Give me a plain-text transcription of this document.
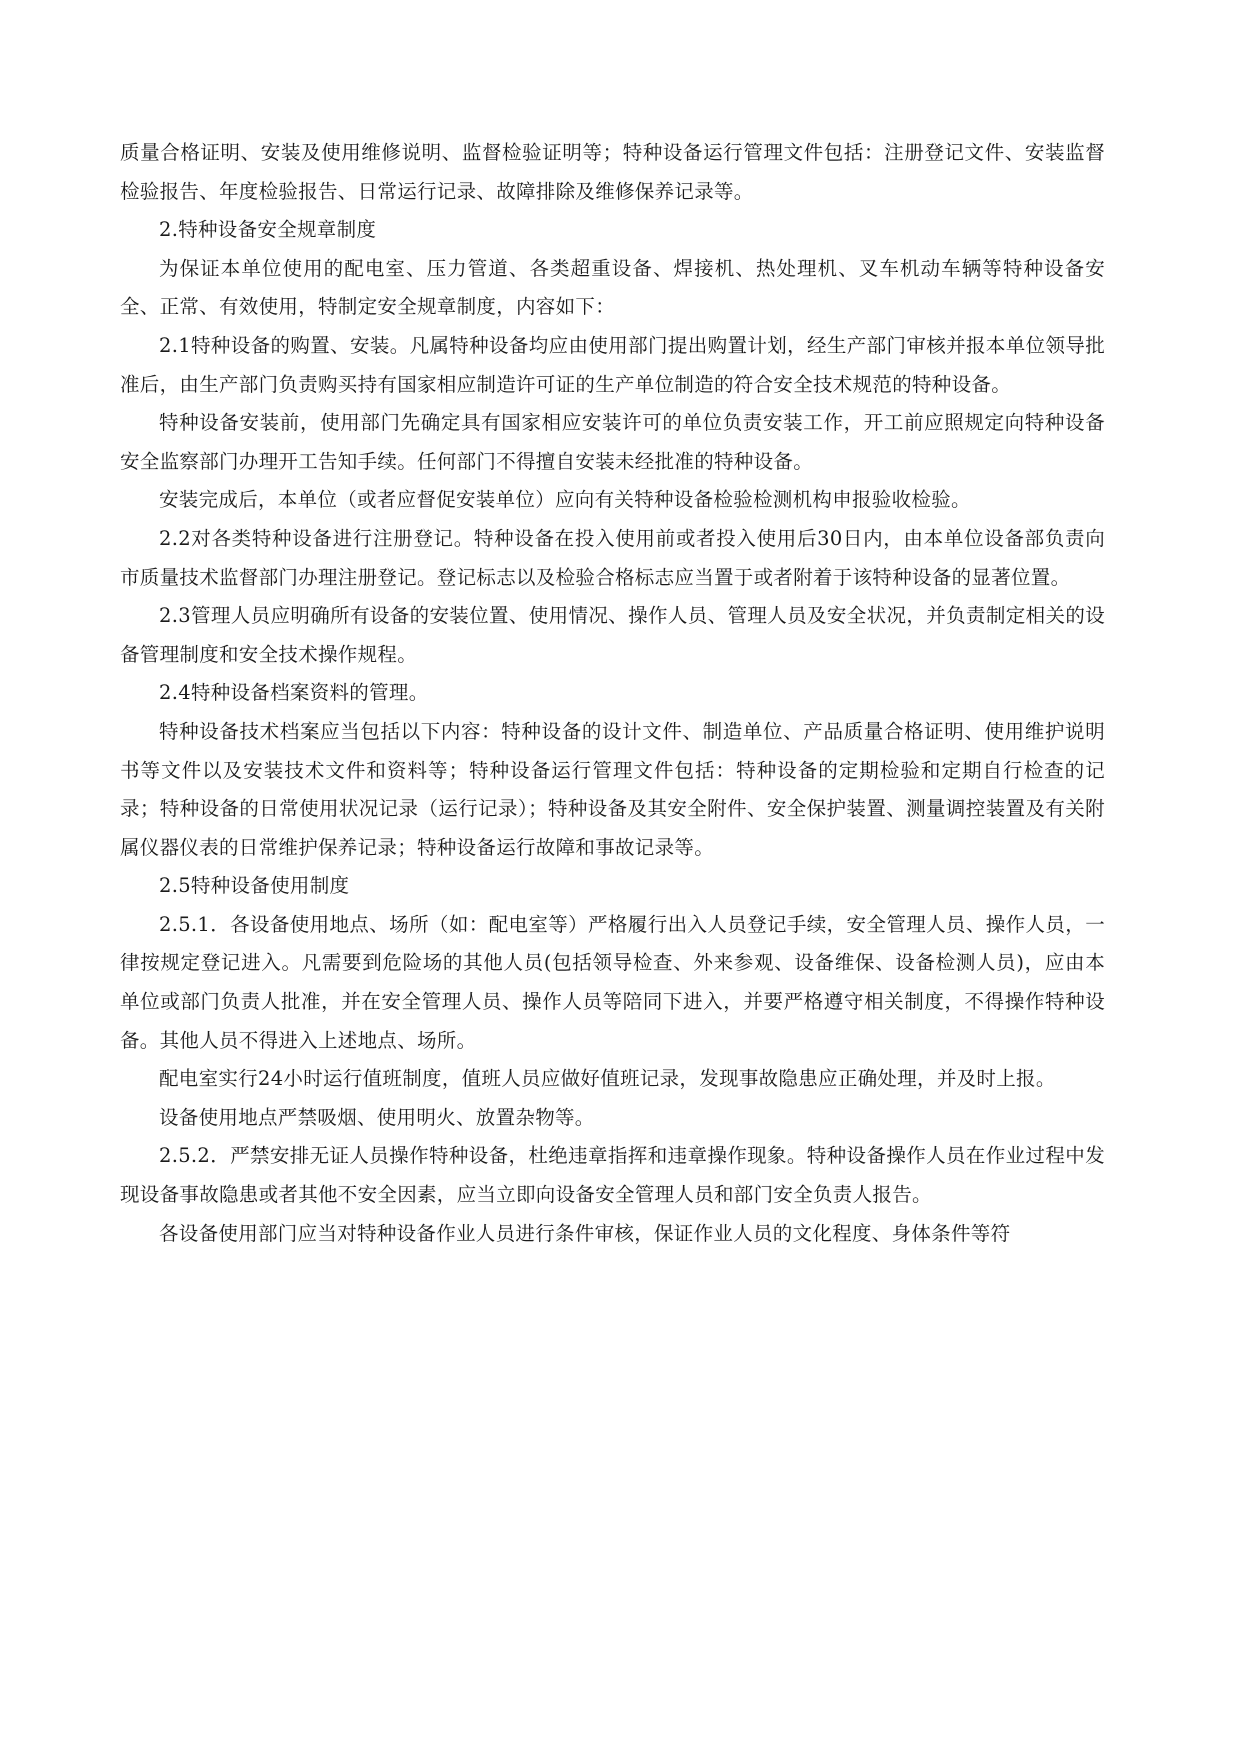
质量合格证明、安装及使用维修说明、监督检验证明等；特种设备运行管理文件包括：注册登记文件、安装监督检验报告、年度检验报告、日常运行记录、故障排除及维修保养记录等。

2.特种设备安全规章制度

为保证本单位使用的配电室、压力管道、各类超重设备、焊接机、热处理机、叉车机动车辆等特种设备安全、正常、有效使用，特制定安全规章制度，内容如下：

2.1特种设备的购置、安装。凡属特种设备均应由使用部门提出购置计划，经生产部门审核并报本单位领导批准后，由生产部门负责购买持有国家相应制造许可证的生产单位制造的符合安全技术规范的特种设备。

特种设备安装前，使用部门先确定具有国家相应安装许可的单位负责安装工作，开工前应照规定向特种设备安全监察部门办理开工告知手续。任何部门不得擅自安装未经批准的特种设备。

安装完成后，本单位（或者应督促安装单位）应向有关特种设备检验检测机构申报验收检验。

2.2对各类特种设备进行注册登记。特种设备在投入使用前或者投入使用后30日内，由本单位设备部负责向市质量技术监督部门办理注册登记。登记标志以及检验合格标志应当置于或者附着于该特种设备的显著位置。

2.3管理人员应明确所有设备的安装位置、使用情况、操作人员、管理人员及安全状况，并负责制定相关的设备管理制度和安全技术操作规程。

2.4特种设备档案资料的管理。

特种设备技术档案应当包括以下内容：特种设备的设计文件、制造单位、产品质量合格证明、使用维护说明书等文件以及安装技术文件和资料等；特种设备运行管理文件包括：特种设备的定期检验和定期自行检查的记录；特种设备的日常使用状况记录（运行记录）；特种设备及其安全附件、安全保护装置、测量调控装置及有关附属仪器仪表的日常维护保养记录；特种设备运行故障和事故记录等。

2.5特种设备使用制度

2.5.1．各设备使用地点、场所（如：配电室等）严格履行出入人员登记手续，安全管理人员、操作人员，一律按规定登记进入。凡需要到危险场的其他人员(包括领导检查、外来参观、设备维保、设备检测人员)，应由本单位或部门负责人批准，并在安全管理人员、操作人员等陪同下进入，并要严格遵守相关制度，不得操作特种设备。其他人员不得进入上述地点、场所。

配电室实行24小时运行值班制度，值班人员应做好值班记录，发现事故隐患应正确处理，并及时上报。

设备使用地点严禁吸烟、使用明火、放置杂物等。

2.5.2．严禁安排无证人员操作特种设备，杜绝违章指挥和违章操作现象。特种设备操作人员在作业过程中发现设备事故隐患或者其他不安全因素，应当立即向设备安全管理人员和部门安全负责人报告。

各设备使用部门应当对特种设备作业人员进行条件审核，保证作业人员的文化程度、身体条件等符
